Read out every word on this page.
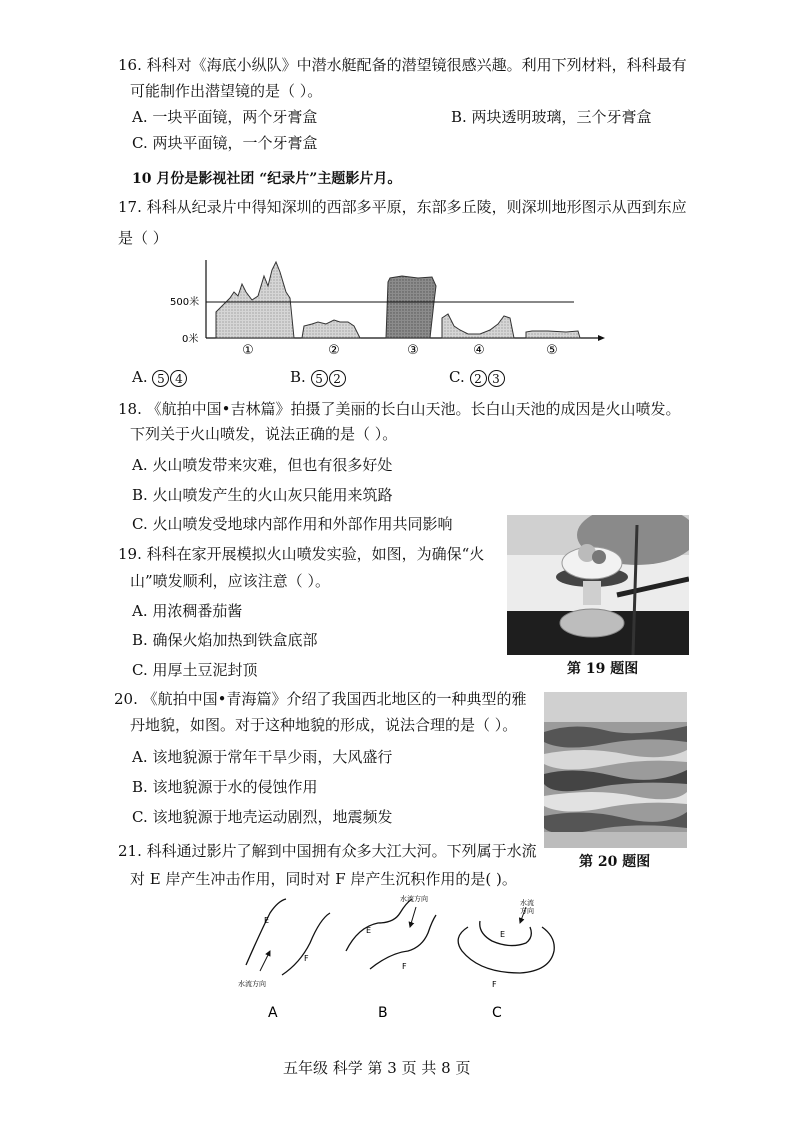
16. 科科对《海底小纵队》中潜水艇配备的潜望镜很感兴趣。利用下列材料，科科最有
可能制作出潜望镜的是（ ）。
A. 一块平面镜，两个牙膏盒	B. 两块透明玻璃，三个牙膏盒
C. 两块平面镜，一个牙膏盒
10 月份是影视社团 “纪录片”主题影片月。
17. 科科从纪录片中得知深圳的西部多平原，东部多丘陵，则深圳地形图示从西到东应
是（ ）
500米
0米
①	②	③	④	⑤
A. 5 4	B. 5 2	C. 2 3
18. 《航拍中国•吉林篇》拍摄了美丽的长白山天池。长白山天池的成因是火山喷发。
下列关于火山喷发，说法正确的是（ ）。
A. 火山喷发带来灾难，但也有很多好处
B. 火山喷发产生的火山灰只能用来筑路
C. 火山喷发受地球内部作用和外部作用共同影响
第 19 题图
19. 科科在家开展模拟火山喷发实验，如图，为确保“火
山”喷发顺利，应该注意（ ）。
A. 用浓稠番茄酱
B. 确保火焰加热到铁盒底部
C. 用厚土豆泥封顶
第 20 题图
20. 《航拍中国•青海篇》介绍了我国西北地区的一种典型的雅
丹地貌，如图。对于这种地貌的形成，说法合理的是（ ）。
A. 该地貌源于常年干旱少雨，大风盛行
B. 该地貌源于水的侵蚀作用
C. 该地貌源于地壳运动剧烈，地震频发
21. 科科通过影片了解到中国拥有众多大江大河。下列属于水流
对 E 岸产生冲击作用，同时对 F 岸产生沉积作用的是( )。
E
F
水流方向
A
E
F
水流方向
B
E
F
水流
方向
C
五年级 科学 第 3 页 共 8 页
